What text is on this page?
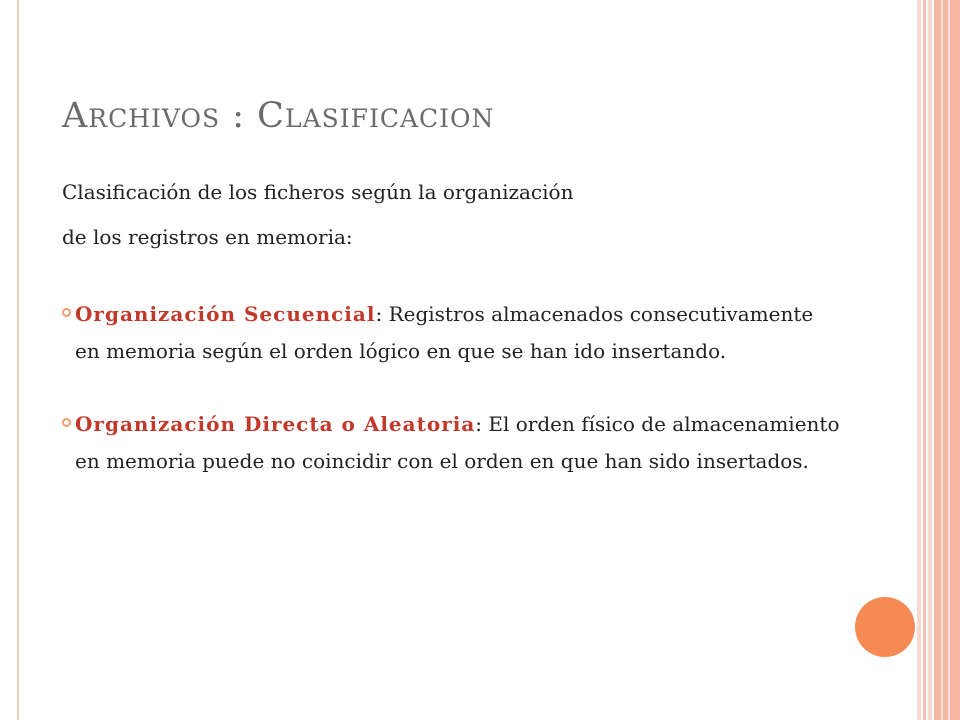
Archivos : Clasificacion
Clasificación de los ficheros según la organización
de los registros en memoria:
Organización Secuencial: Registros almacenados consecutivamente en memoria según el orden lógico en que se han ido insertando.
Organización Directa o Aleatoria: El orden físico de almacenamiento en memoria puede no coincidir con el orden en que han sido insertados.
